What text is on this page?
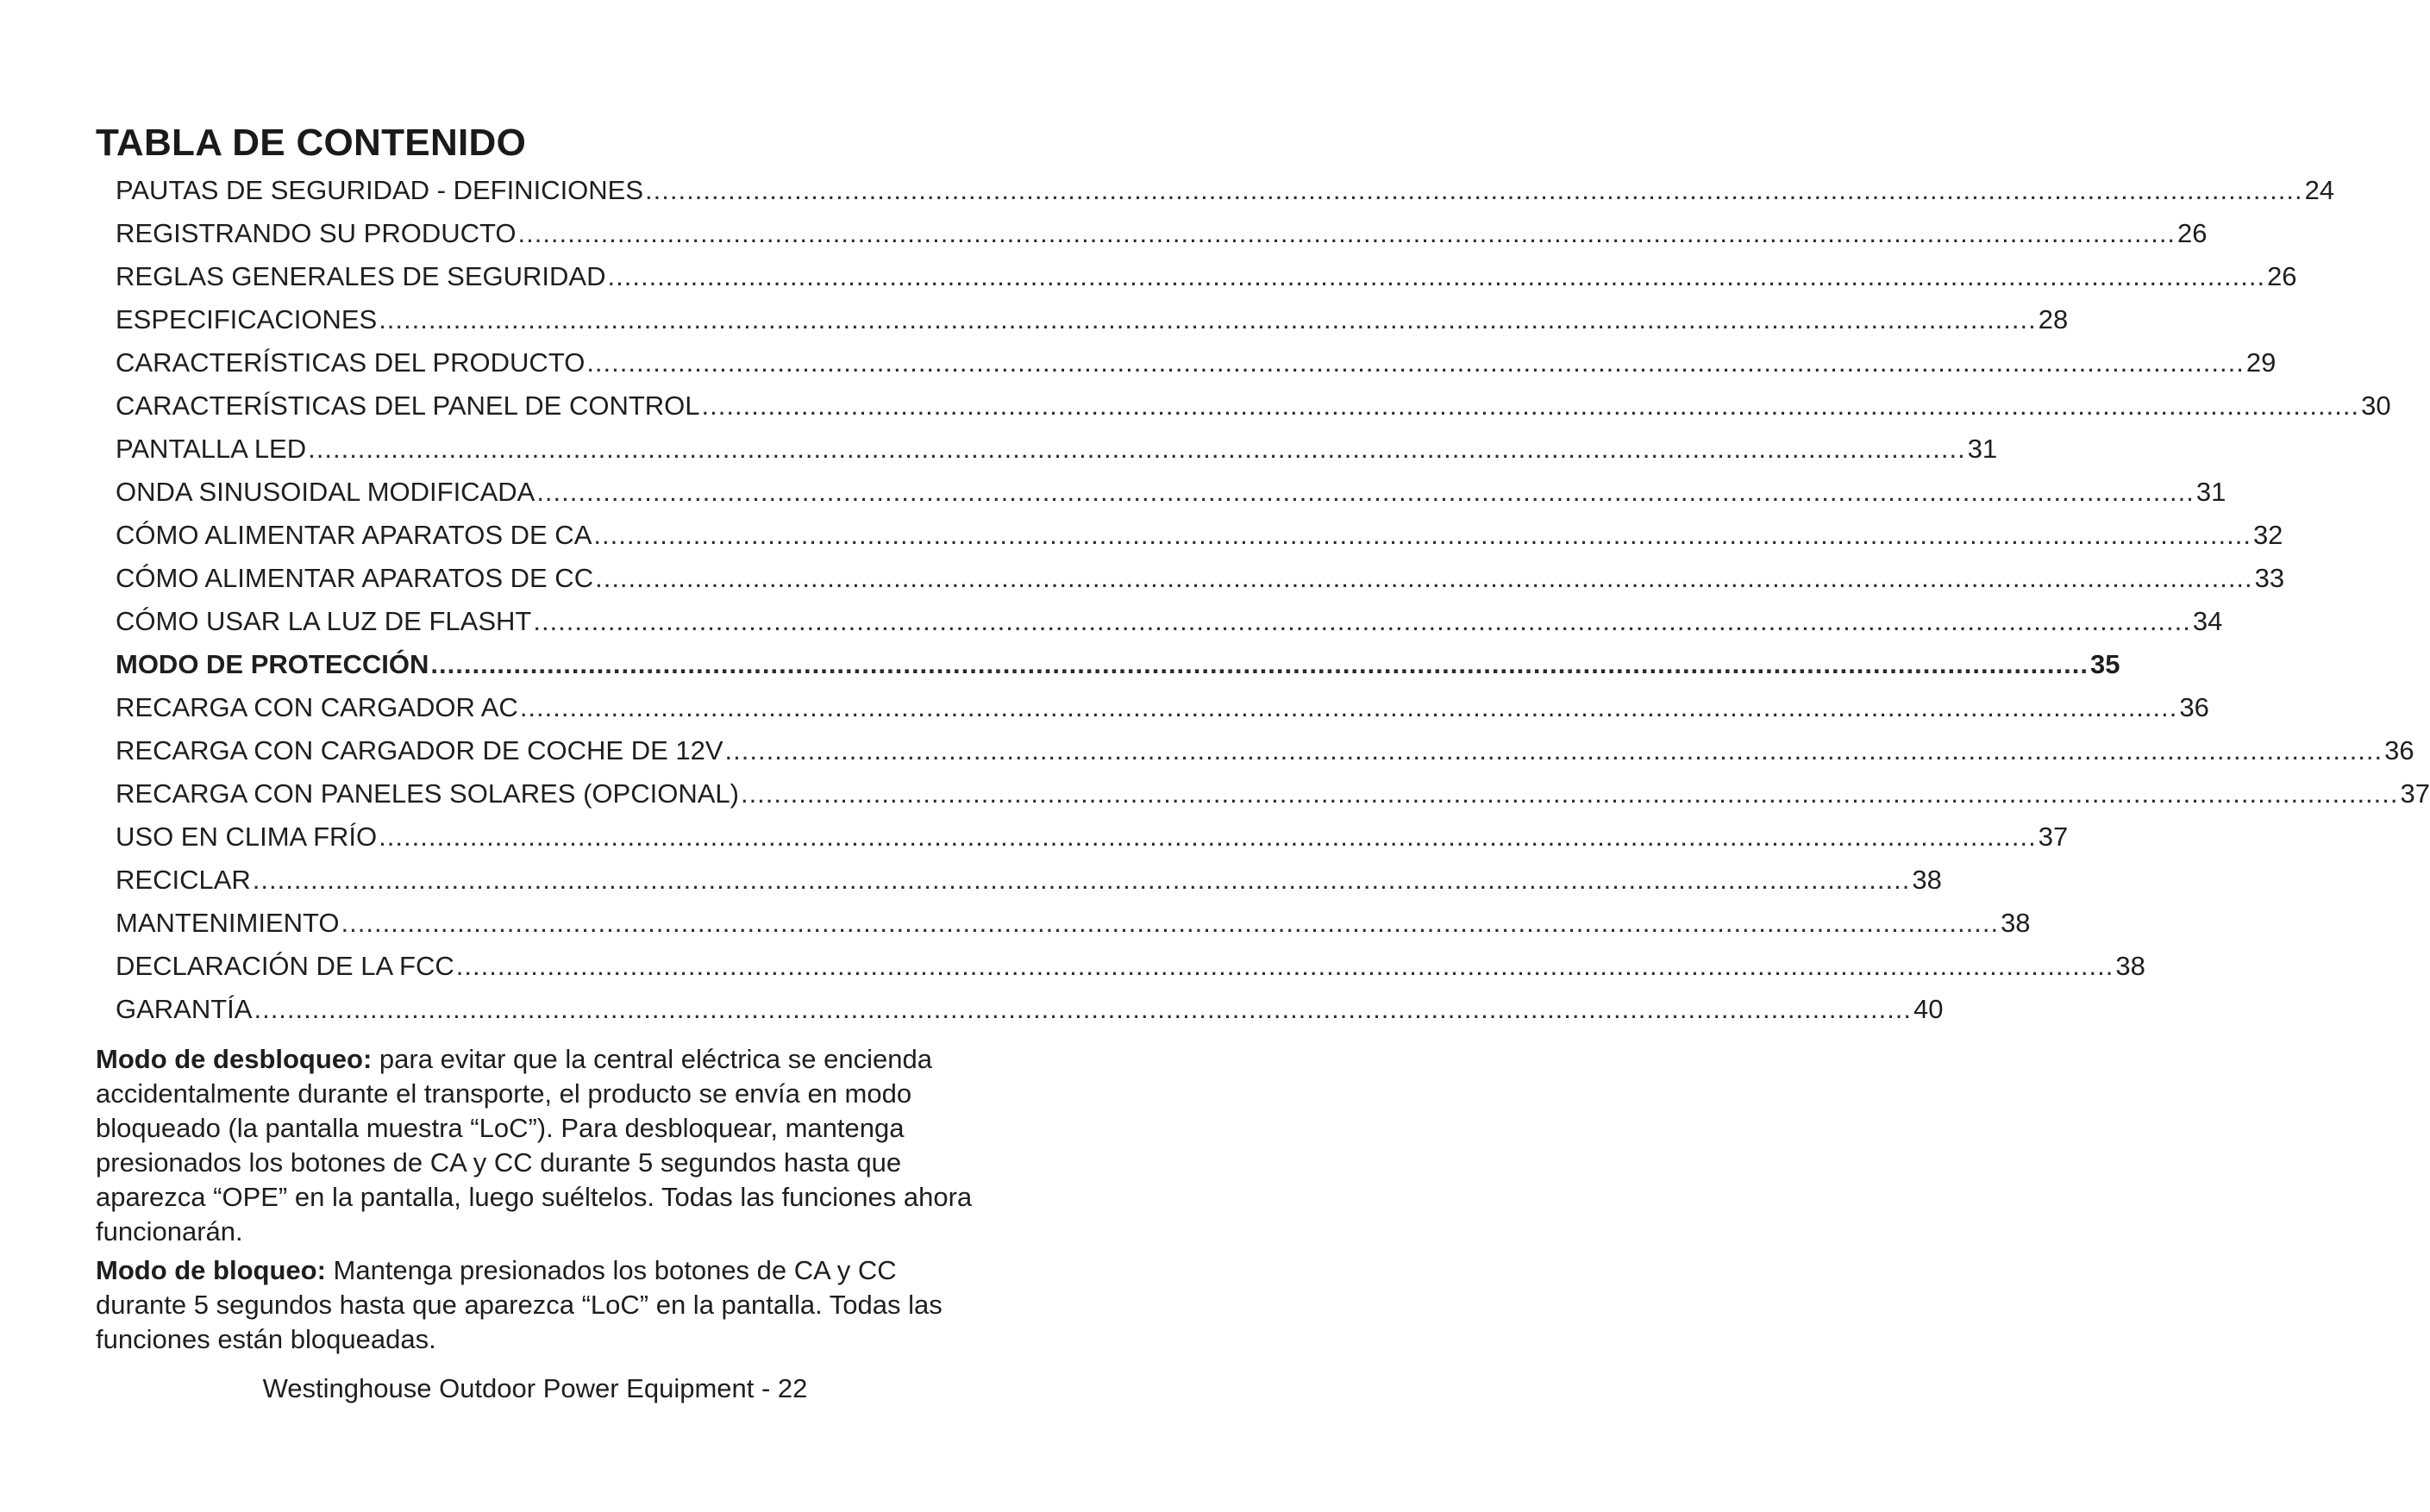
TABLA DE CONTENIDO
PAUTAS DE SEGURIDAD - DEFINICIONES ........................................................................................................................................................................................................ 24
REGISTRANDO SU PRODUCTO ........................................................................................................................................................................................................ 26
REGLAS GENERALES DE SEGURIDAD ........................................................................................................................................................................................................ 26
ESPECIFICACIONES ........................................................................................................................................................................................................ 28
CARACTERÍSTICAS DEL PRODUCTO ........................................................................................................................................................................................................ 29
CARACTERÍSTICAS DEL PANEL DE CONTROL ........................................................................................................................................................................................................ 30
PANTALLA LED ........................................................................................................................................................................................................ 31
ONDA SINUSOIDAL MODIFICADA ........................................................................................................................................................................................................ 31
CÓMO ALIMENTAR APARATOS DE CA ........................................................................................................................................................................................................ 32
CÓMO ALIMENTAR APARATOS DE CC ........................................................................................................................................................................................................ 33
CÓMO USAR LA LUZ DE FLASHT ........................................................................................................................................................................................................ 34
MODO DE PROTECCIÓN ........................................................................................................................................................................................................ 35
RECARGA CON CARGADOR AC ........................................................................................................................................................................................................ 36
RECARGA CON CARGADOR DE COCHE DE 12V ........................................................................................................................................................................................................ 36
RECARGA CON PANELES SOLARES (OPCIONAL) ........................................................................................................................................................................................................ 37
USO EN CLIMA FRÍO ........................................................................................................................................................................................................ 37
RECICLAR ........................................................................................................................................................................................................ 38
MANTENIMIENTO ........................................................................................................................................................................................................ 38
DECLARACIÓN DE LA FCC ........................................................................................................................................................................................................ 38
GARANTÍA ........................................................................................................................................................................................................ 40

Modo de desbloqueo: para evitar que la central eléctrica se encienda accidentalmente durante el transporte, el producto se envía en modo bloqueado (la pantalla muestra “LoC”). Para desbloquear, mantenga presionados los botones de CA y CC durante 5 segundos hasta que aparezca “OPE” en la pantalla, luego suéltelos. Todas las funciones ahora funcionarán.

Modo de bloqueo: Mantenga presionados los botones de CA y CC durante 5 segundos hasta que aparezca “LoC” en la pantalla. Todas las funciones están bloqueadas.

Westinghouse Outdoor Power Equipment - 22
